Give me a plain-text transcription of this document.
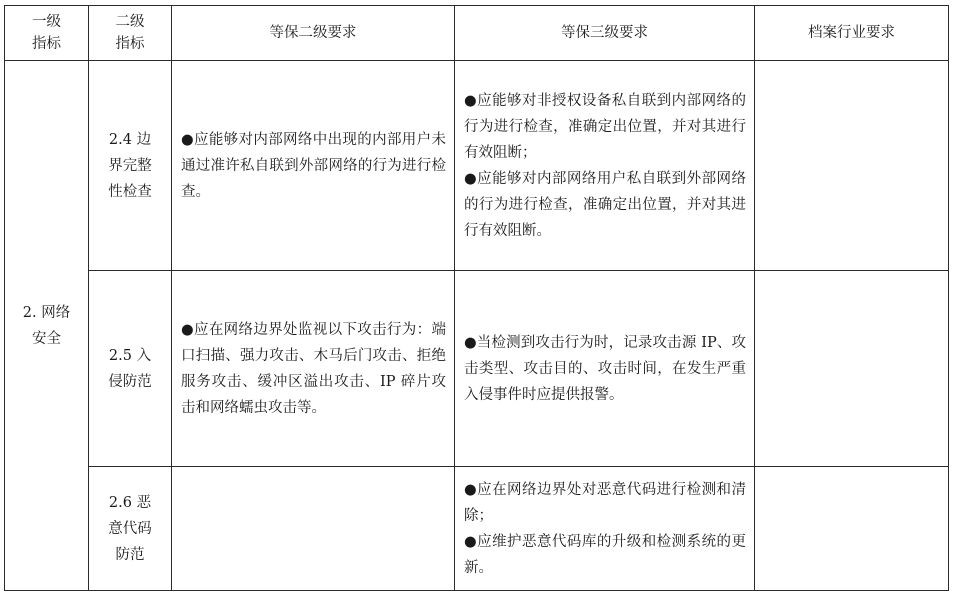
一级指标	二级指标	等保二级要求	等保三级要求	档案行业要求

2. 网络安全	2.4 边界完整性检查	●应能够对内部网络中出现的内部用户未通过准许私自联到外部网络的行为进行检查。	●应能够对非授权设备私自联到内部网络的行为进行检查，准确定出位置，并对其进行有效阻断；
●应能够对内部网络用户私自联到外部网络的行为进行检查，准确定出位置，并对其进行有效阻断。	

	2.5 入侵防范	●应在网络边界处监视以下攻击行为：端口扫描、强力攻击、木马后门攻击、拒绝服务攻击、缓冲区溢出攻击、IP 碎片攻击和网络蠕虫攻击等。	●当检测到攻击行为时，记录攻击源 IP、攻击类型、攻击目的、攻击时间，在发生严重入侵事件时应提供报警。	

	2.6 恶意代码防范		●应在网络边界处对恶意代码进行检测和清除；
●应维护恶意代码库的升级和检测系统的更新。	
